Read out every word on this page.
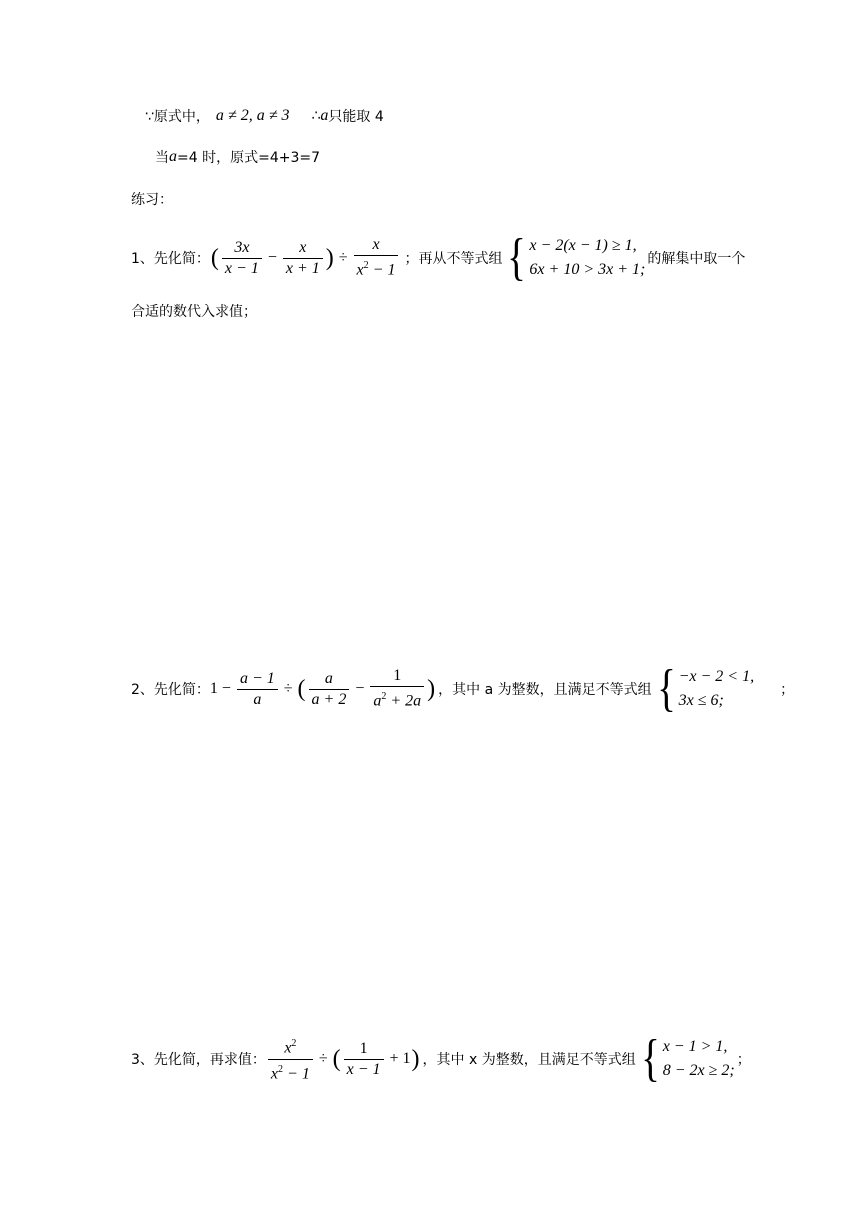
∵原式中， a ≠ 2, a ≠ 3 ∴ a 只能取 4
当 a =4 时，原式=4+3=7
练习：
1、先化简： ( $\frac{3x}{x - 1} - \frac{x}{x + 1}$ ) ÷ $\frac{x}{x^2 - 1}$ ；再从不等式组 { x − 2(x − 1) ≥ 1,
6x + 10 > 3x + 1;
的解集中取一个
合适的数代入求值；
2、先化简： $1 - \frac{a - 1}{a}$ ÷ ( $\frac{a}{a + 2} - \frac{1}{a^2 + 2a}$ ) ，其中 a 为整数，且满足不等式组 { −x − 2 < 1,
3x ≤ 6;
；
3、先化简，再求值： $\frac{x^2}{x^2 - 1}$ ÷ ( $\frac{1}{x - 1} + 1$ ) ，其中 x 为整数，且满足不等式组 { x − 1 > 1,
8 − 2x ≥ 2;
；
